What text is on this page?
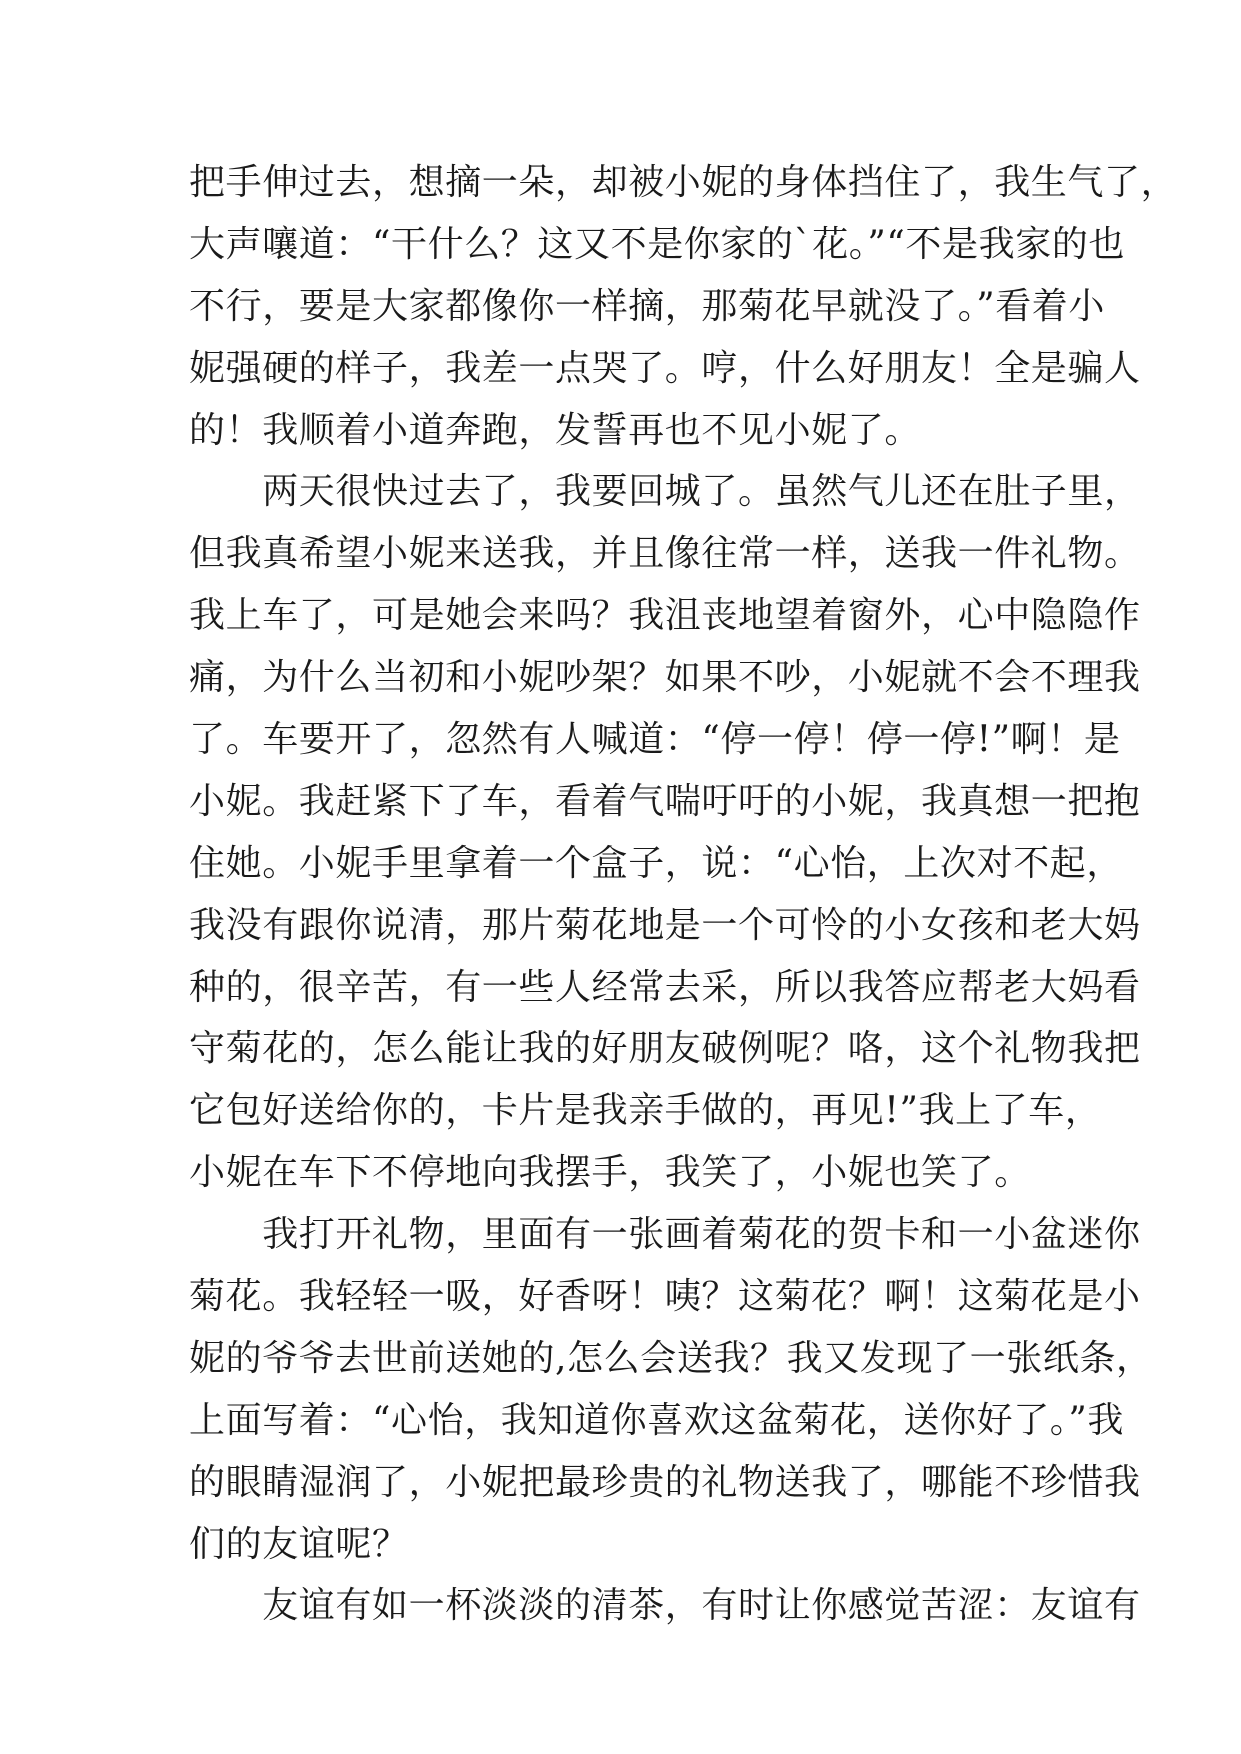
把手伸过去，想摘一朵，却被小妮的身体挡住了，我生气了，
大声嚷道：“干什么？这又不是你家的`花。”“不是我家的也
不行，要是大家都像你一样摘，那菊花早就没了。”看着小
妮强硬的样子，我差一点哭了。哼，什么好朋友！全是骗人
的！我顺着小道奔跑，发誓再也不见小妮了。
　　两天很快过去了，我要回城了。虽然气儿还在肚子里，
但我真希望小妮来送我，并且像往常一样，送我一件礼物。
我上车了，可是她会来吗？我沮丧地望着窗外，心中隐隐作
痛，为什么当初和小妮吵架？如果不吵，小妮就不会不理我
了。车要开了，忽然有人喊道：“停一停！停一停!”啊！是
小妮。我赶紧下了车，看着气喘吁吁的小妮，我真想一把抱
住她。小妮手里拿着一个盒子，说：“心怡，上次对不起，
我没有跟你说清，那片菊花地是一个可怜的小女孩和老大妈
种的，很辛苦，有一些人经常去采，所以我答应帮老大妈看
守菊花的，怎么能让我的好朋友破例呢？咯，这个礼物我把
它包好送给你的，卡片是我亲手做的，再见!”我上了车，
小妮在车下不停地向我摆手，我笑了，小妮也笑了。
　　我打开礼物，里面有一张画着菊花的贺卡和一小盆迷你
菊花。我轻轻一吸，好香呀！咦？这菊花？啊！这菊花是小
妮的爷爷去世前送她的,怎么会送我？我又发现了一张纸条，
上面写着：“心怡，我知道你喜欢这盆菊花，送你好了。”我
的眼睛湿润了，小妮把最珍贵的礼物送我了，哪能不珍惜我
们的友谊呢？
　　友谊有如一杯淡淡的清茶，有时让你感觉苦涩：友谊有
